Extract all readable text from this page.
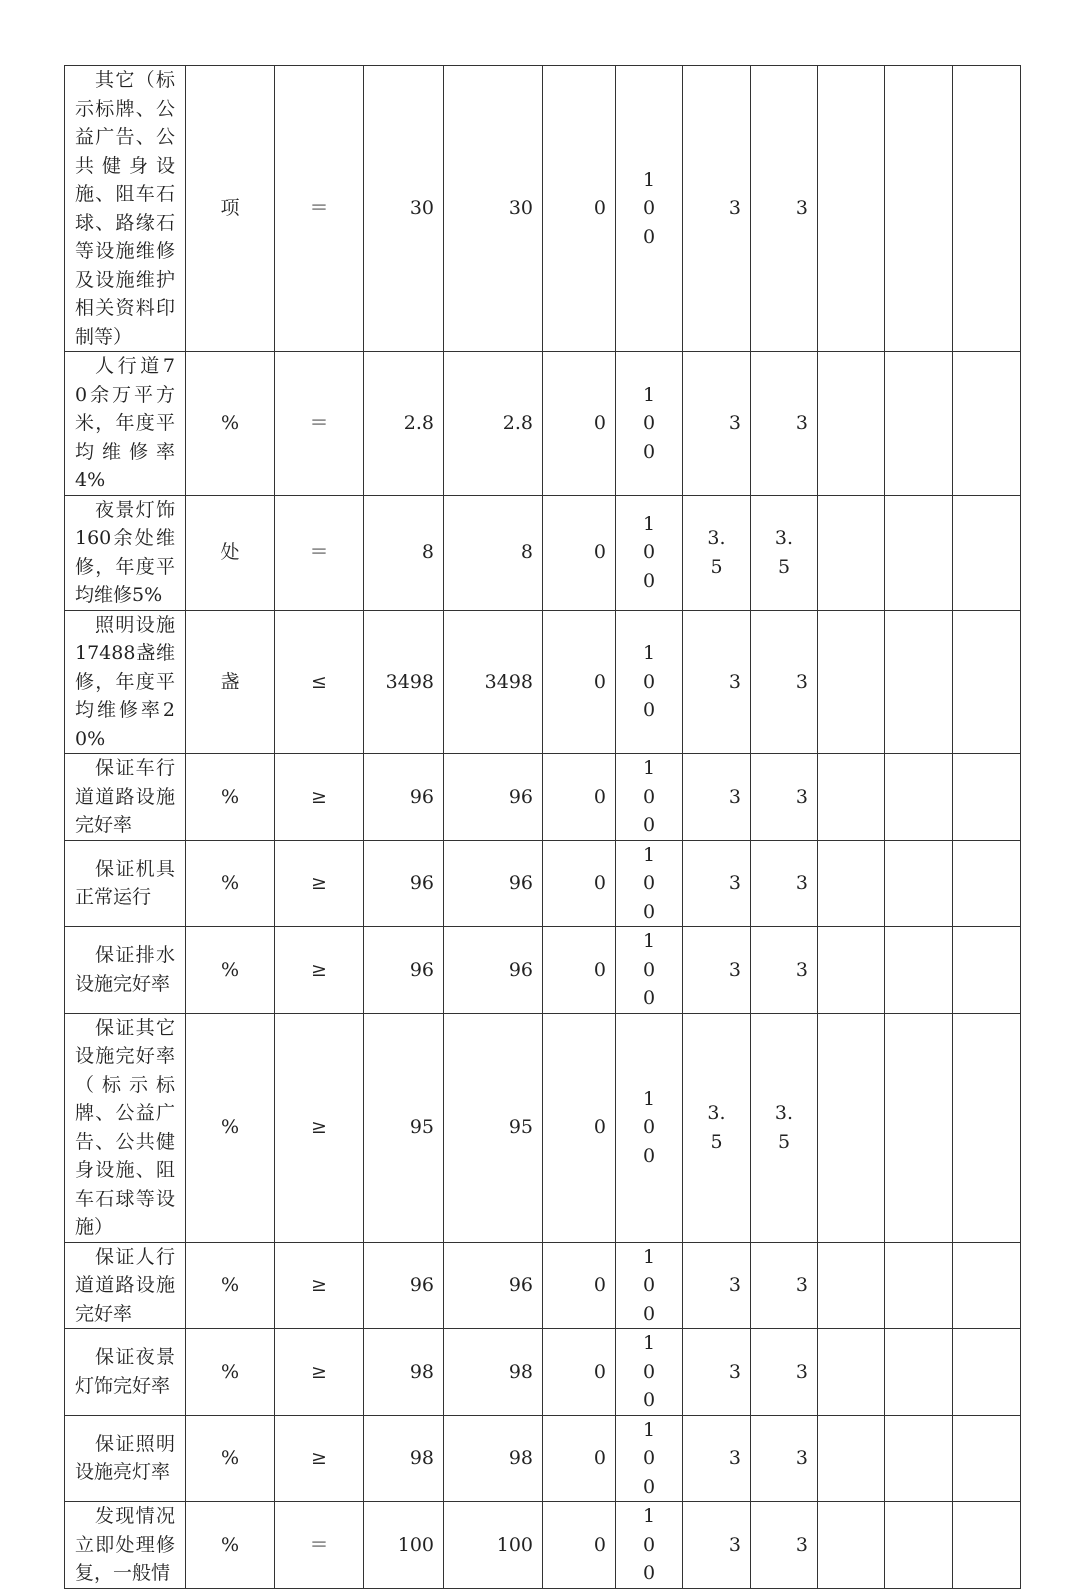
其它（标示标牌、公益广告、公共健身设施、阻车石球、路缘石等设施维修及设施维护相关资料印制等）	项	＝	30	30	0	100	3	3			
人行道70余万平方米，年度平均维修率4%	%	＝	2.8	2.8	0	100	3	3			
夜景灯饰160余处维修，年度平均维修5%	处	＝	8	8	0	100	3.5	3.5			

照明设施17488盏维修，年度平均维修率20%	盏	≤	3498	3498	0	100	3	3			
保证车行道道路设施完好率	%	≥	96	96	0	100	3	3			
保证机具正常运行	%	≥	96	96	0	100	3	3			
保证排水设施完好率	%	≥	96	96	0	100	3	3			
保证其它设施完好率（标示标牌、公益广告、公共健身设施、阻车石球等设施）	%	≥	95	95	0	100	3.5	3.5			

保证人行道道路设施完好率	%	≥	96	96	0	100	3	3			
保证夜景灯饰完好率	%	≥	98	98	0	100	3	3			
保证照明设施亮灯率	%	≥	98	98	0	100	3	3			
发现情况立即处理修复，一般情	%	＝	100	100	0	100	3	3			
